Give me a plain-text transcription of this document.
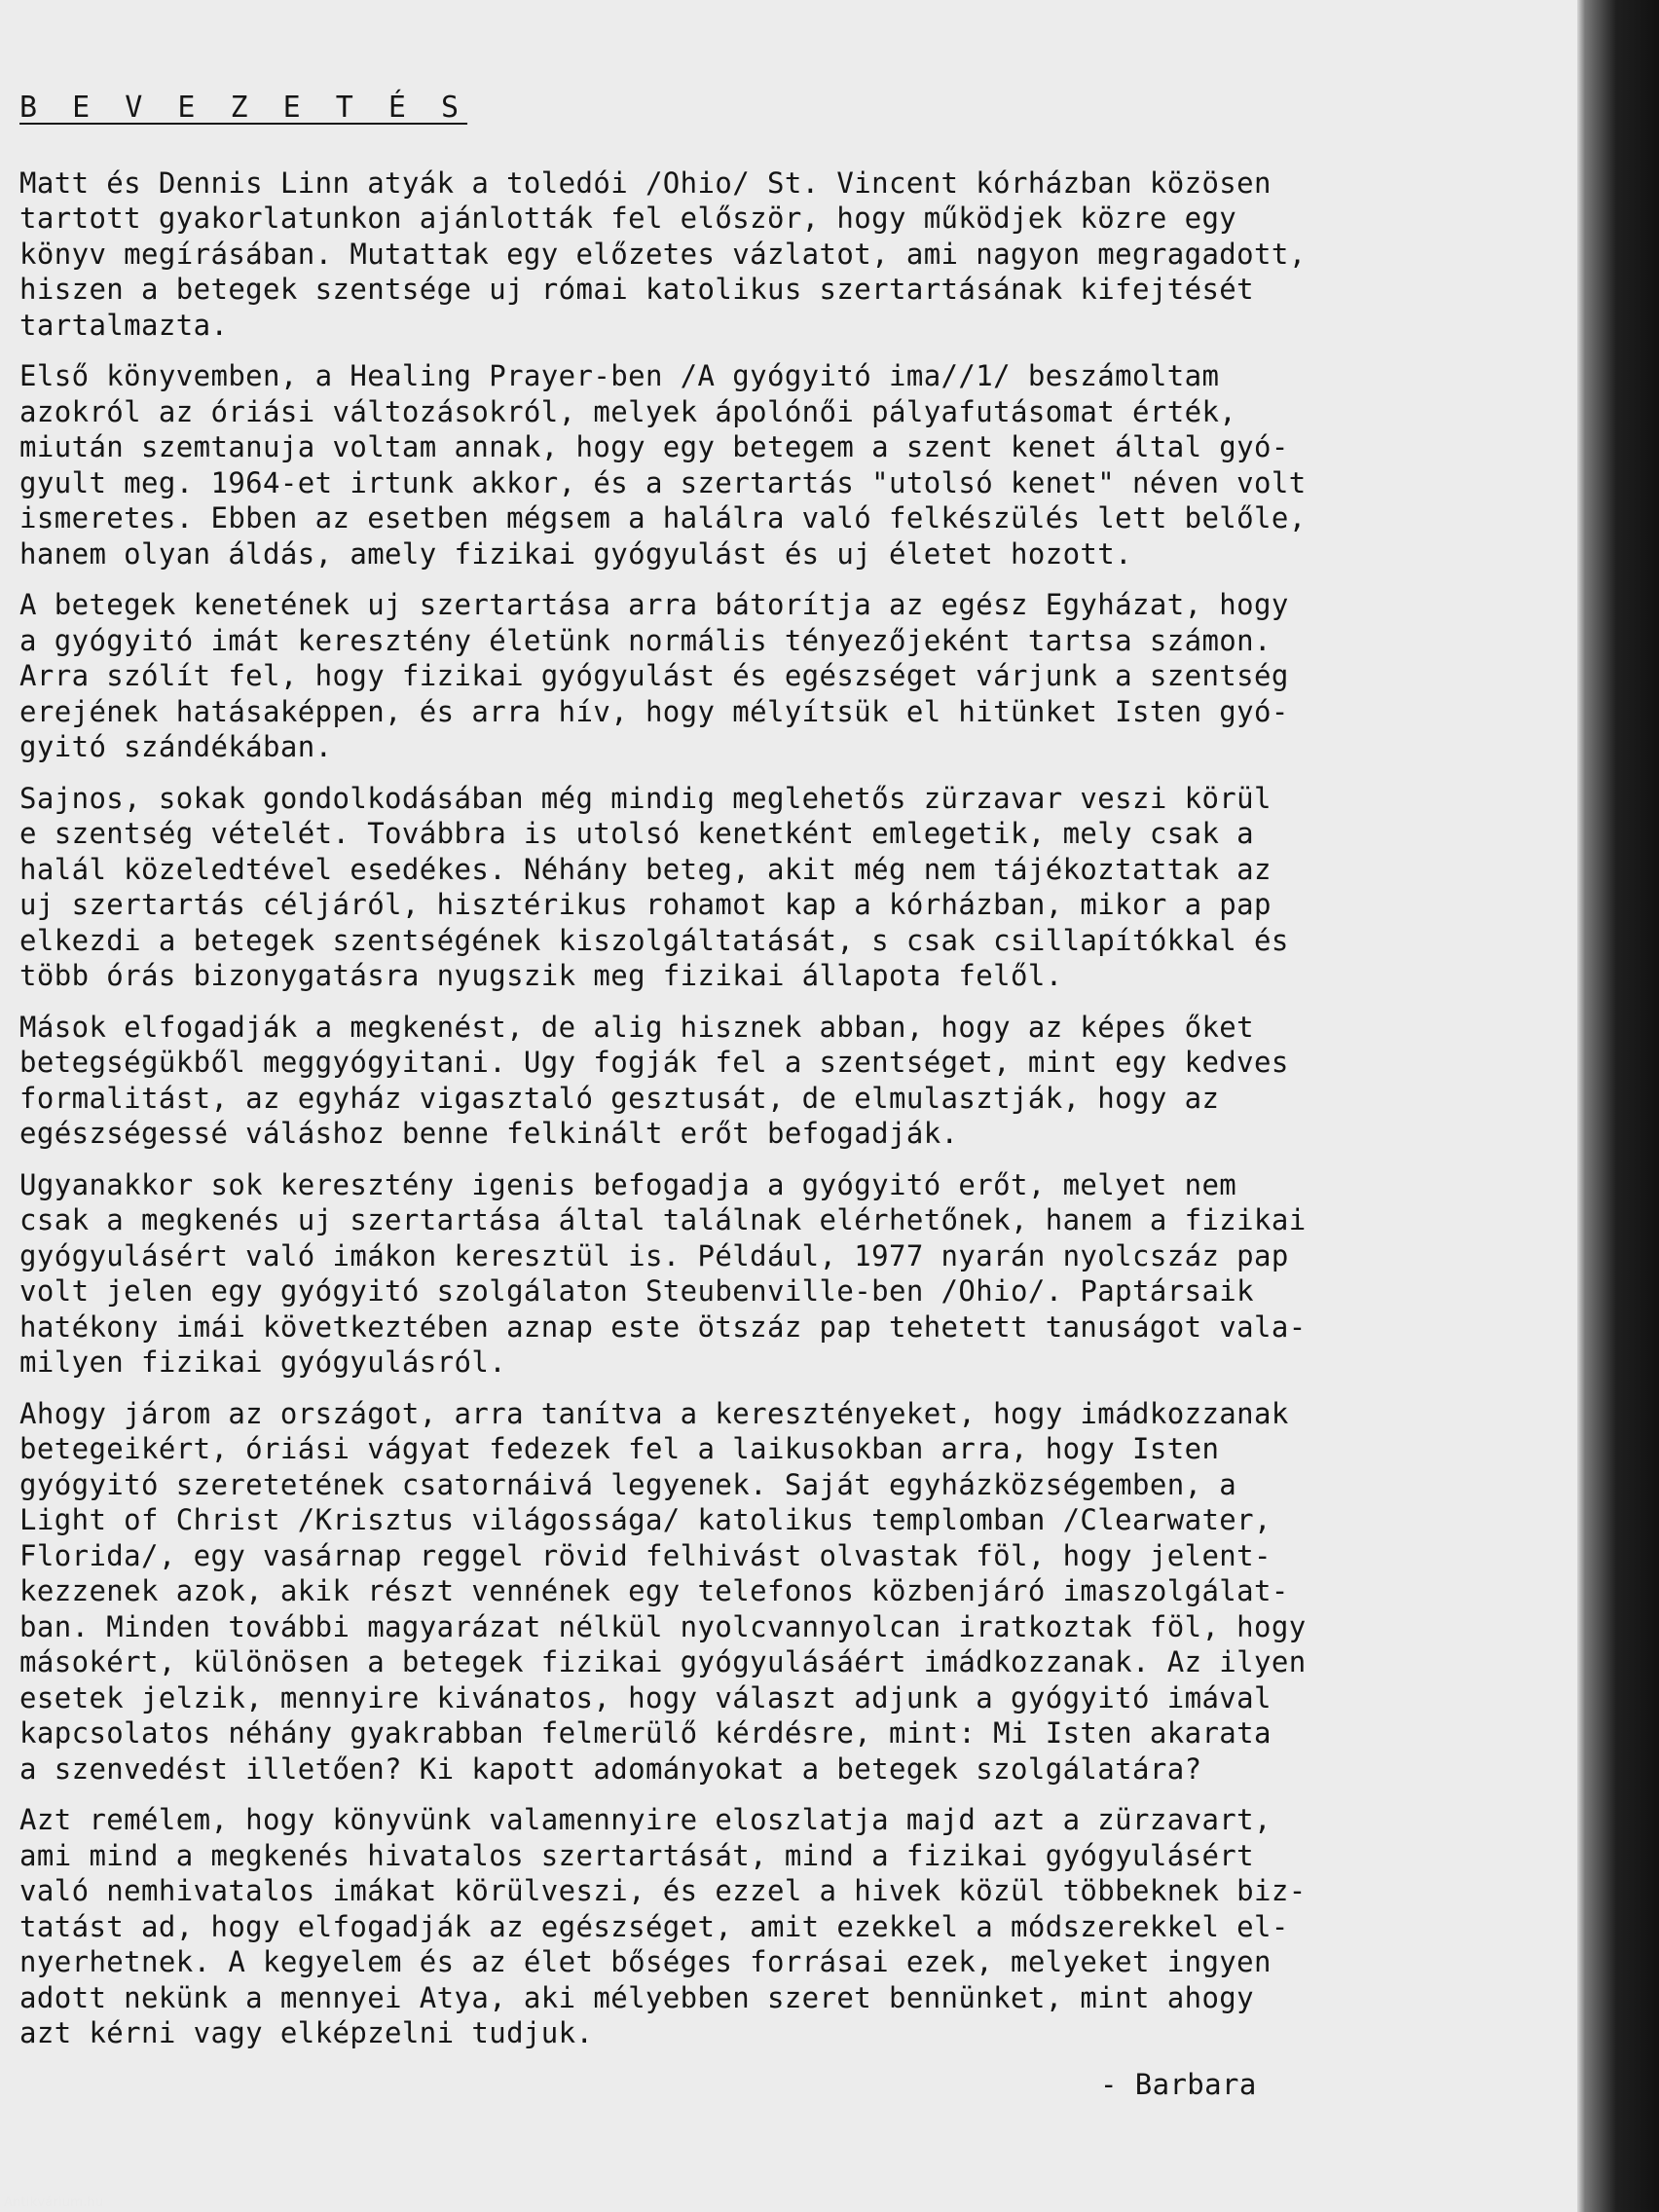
B E V E Z E T É S
Matt és Dennis Linn atyák a toledói /Ohio/ St. Vincent kórházban közösen
tartott gyakorlatunkon ajánlották fel először, hogy működjek közre egy
könyv megírásában. Mutattak egy előzetes vázlatot, ami nagyon megragadott,
hiszen a betegek szentsége uj római katolikus szertartásának kifejtését
tartalmazta.
Első könyvemben, a Healing Prayer-ben /A gyógyitó ima//1/ beszámoltam
azokról az óriási változásokról, melyek ápolónői pályafutásomat érték,
miután szemtanuja voltam annak, hogy egy betegem a szent kenet által gyó-
gyult meg. 1964-et irtunk akkor, és a szertartás "utolsó kenet" néven volt
ismeretes. Ebben az esetben mégsem a halálra való felkészülés lett belőle,
hanem olyan áldás, amely fizikai gyógyulást és uj életet hozott.
A betegek kenetének uj szertartása arra bátorítja az egész Egyházat, hogy
a gyógyitó imát keresztény életünk normális tényezőjeként tartsa számon.
Arra szólít fel, hogy fizikai gyógyulást és egészséget várjunk a szentség
erejének hatásaképpen, és arra hív, hogy mélyítsük el hitünket Isten gyó-
gyitó szándékában.
Sajnos, sokak gondolkodásában még mindig meglehetős zürzavar veszi körül
e szentség vételét. Továbbra is utolsó kenetként emlegetik, mely csak a
halál közeledtével esedékes. Néhány beteg, akit még nem tájékoztattak az
uj szertartás céljáról, hisztérikus rohamot kap a kórházban, mikor a pap
elkezdi a betegek szentségének kiszolgáltatását, s csak csillapítókkal és
több órás bizonygatásra nyugszik meg fizikai állapota felől.
Mások elfogadják a megkenést, de alig hisznek abban, hogy az képes őket
betegségükből meggyógyitani. Ugy fogják fel a szentséget, mint egy kedves
formalitást, az egyház vigasztaló gesztusát, de elmulasztják, hogy az
egészségessé váláshoz benne felkinált erőt befogadják.
Ugyanakkor sok keresztény igenis befogadja a gyógyitó erőt, melyet nem
csak a megkenés uj szertartása által találnak elérhetőnek, hanem a fizikai
gyógyulásért való imákon keresztül is. Például, 1977 nyarán nyolcszáz pap
volt jelen egy gyógyitó szolgálaton Steubenville-ben /Ohio/. Paptársaik
hatékony imái következtében aznap este ötszáz pap tehetett tanuságot vala-
milyen fizikai gyógyulásról.
Ahogy járom az országot, arra tanítva a keresztényeket, hogy imádkozzanak
betegeikért, óriási vágyat fedezek fel a laikusokban arra, hogy Isten
gyógyitó szeretetének csatornáivá legyenek. Saját egyházközségemben, a
Light of Christ /Krisztus világossága/ katolikus templomban /Clearwater,
Florida/, egy vasárnap reggel rövid felhivást olvastak föl, hogy jelent-
kezzenek azok, akik részt vennének egy telefonos közbenjáró imaszolgálat-
ban. Minden további magyarázat nélkül nyolcvannyolcan iratkoztak föl, hogy
másokért, különösen a betegek fizikai gyógyulásáért imádkozzanak. Az ilyen
esetek jelzik, mennyire kivánatos, hogy választ adjunk a gyógyitó imával
kapcsolatos néhány gyakrabban felmerülő kérdésre, mint: Mi Isten akarata
a szenvedést illetően? Ki kapott adományokat a betegek szolgálatára?
Azt remélem, hogy könyvünk valamennyire eloszlatja majd azt a zürzavart,
ami mind a megkenés hivatalos szertartását, mind a fizikai gyógyulásért
való nemhivatalos imákat körülveszi, és ezzel a hivek közül többeknek biz-
tatást ad, hogy elfogadják az egészséget, amit ezekkel a módszerekkel el-
nyerhetnek. A kegyelem és az élet bőséges forrásai ezek, melyeket ingyen
adott nekünk a mennyei Atya, aki mélyebben szeret bennünket, mint ahogy
azt kérni vagy elképzelni tudjuk.
- Barbara
Antikvárium.hu
